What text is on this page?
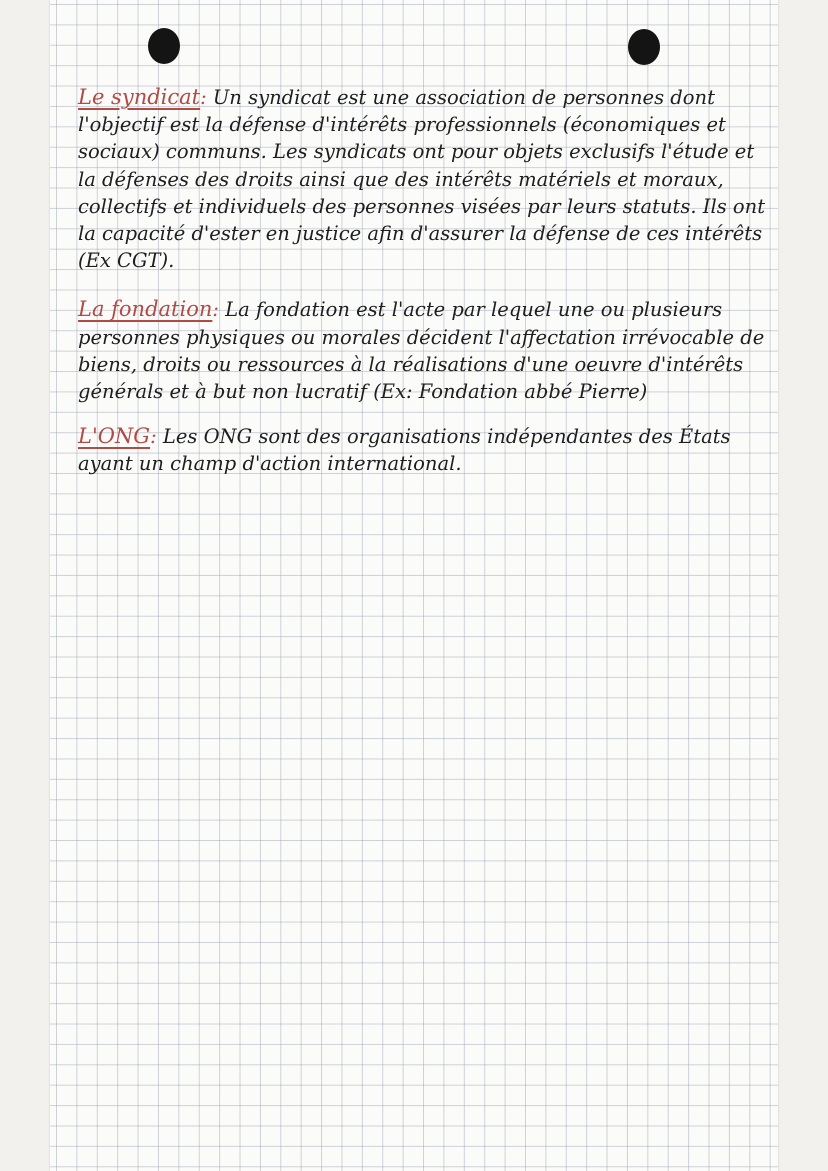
Le syndicat: Un syndicat est une association de personnes dont l'objectif est la défense d'intérêts professionnels (économiques et sociaux) communs. Les syndicats ont pour objets exclusifs l'étude et la défenses des droits ainsi que des intérêts matériels et moraux, collectifs et individuels des personnes visées par leurs statuts. Ils ont la capacité d'ester en justice afin d'assurer la défense de ces intérêts (Ex CGT).

La fondation: La fondation est l'acte par lequel une ou plusieurs personnes physiques ou morales décident l'affectation irrévocable de biens, droits ou ressources à la réalisations d'une oeuvre d'intérêts générals et à but non lucratif (Ex: Fondation abbé Pierre)

L'ONG: Les ONG sont des organisations indépendantes des États ayant un champ d'action international.
